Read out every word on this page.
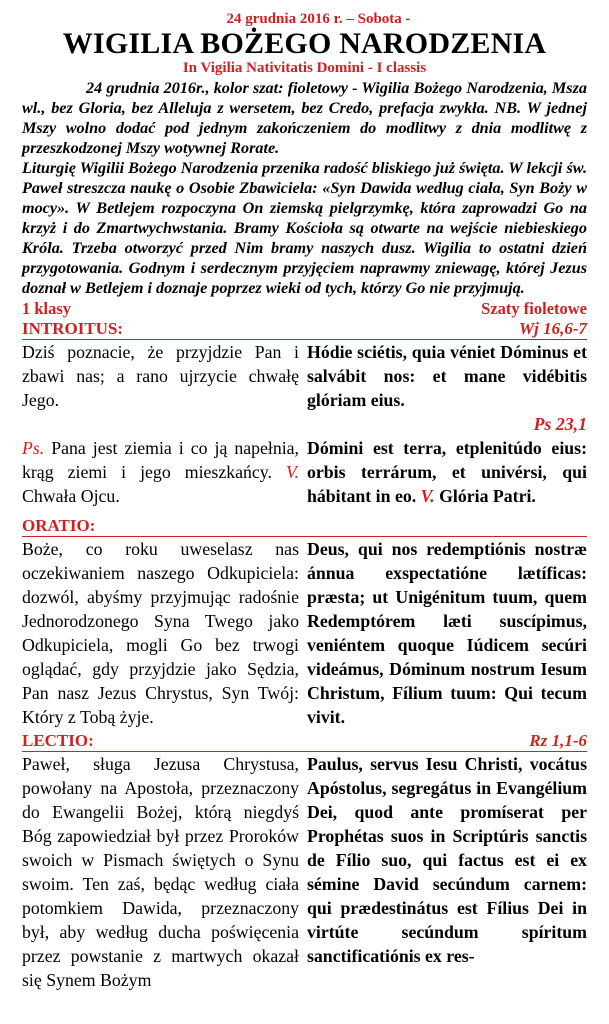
24 grudnia 2016 r. – Sobota -
WIGILIA BOŻEGO NARODZENIA
In Vigilia Nativitatis Domini - I classis

24 grudnia 2016r., kolor szat: fioletowy - Wigilia Bożego Narodzenia, Msza wl., bez Gloria, bez Alleluja z wersetem, bez Credo, prefacja zwykła. NB. W jednej Mszy wolno dodać pod jednym zakończeniem do modlitwy z dnia modlitwę z przeszkodzonej Mszy wotywnej Rorate.

Liturgię Wigilii Bożego Narodzenia przenika radość bliskiego już święta. W lekcji św. Paweł streszcza naukę o Osobie Zbawiciela: «Syn Dawida według ciała, Syn Boży w mocy». W Betlejem rozpoczyna On ziemską pielgrzymkę, która zaprowadzi Go na krzyż i do Zmartwychwstania. Bramy Kościoła są otwarte na wejście niebieskiego Króla. Trzeba otworzyć przed Nim bramy naszych dusz. Wigilia to ostatni dzień przygotowania. Godnym i serdecznym przyjęciem naprawmy zniewagę, której Jezus doznał w Betlejem i doznaje poprzez wieki od tych, którzy Go nie przyjmują.

1 klasy	Szaty fioletowe
INTROITUS:	Wj 16,6-7

Dziś poznacie, że przyjdzie Pan i zbawi nas; a rano ujrzycie chwałę Jego.

Ps. Pana jest ziemia i co ją napełnia, krąg ziemi i jego mieszkańcy. V. Chwała Ojcu.

Hódie sciétis, quia véniet Dóminus et salvábit nos: et mane vidébitis glóriam eius.

Ps 23,1

Dómini est terra, etplenitúdo eius: orbis terrárum, et univérsi, qui hábitant in eo. V. Glória Patri.

ORATIO:

Boże, co roku uweselasz nas oczekiwaniem naszego Odkupiciela: dozwól, abyśmy przyjmując radośnie Jednorodzonego Syna Twego jako Odkupiciela, mogli Go bez trwogi oglądać, gdy przyjdzie jako Sędzia, Pan nasz Jezus Chrystus, Syn Twój: Który z Tobą żyje.

Deus, qui nos redemptiónis nostræ ánnua exspectatióne lætíficas: præsta; ut Unigénitum tuum, quem Redemptórem læti suscípimus, veniéntem quoque Iúdicem secúri videámus, Dóminum nostrum Iesum Christum, Fílium tuum: Qui tecum vivit.

LECTIO:	Rz 1,1-6

Paweł, sługa Jezusa Chrystusa, powołany na Apostoła, przeznaczony do Ewangelii Bożej, którą niegdyś Bóg zapowiedział był przez Proroków swoich w Pismach świętych o Synu swoim. Ten zaś, będąc według ciała potomkiem Dawida, przeznaczony był, aby według ducha poświęcenia przez powstanie z martwych okazał się Synem Bożym

Paulus, servus Iesu Christi, vocátus Apóstolus, segregátus in Evangélium Dei, quod ante promíserat per Prophétas suos in Scriptúris sanctis de Fílio suo, qui factus est ei ex sémine David secúndum carnem: qui prædestinátus est Fílius Dei in virtúte secúndum spíritum sanctificatiónis ex res-
